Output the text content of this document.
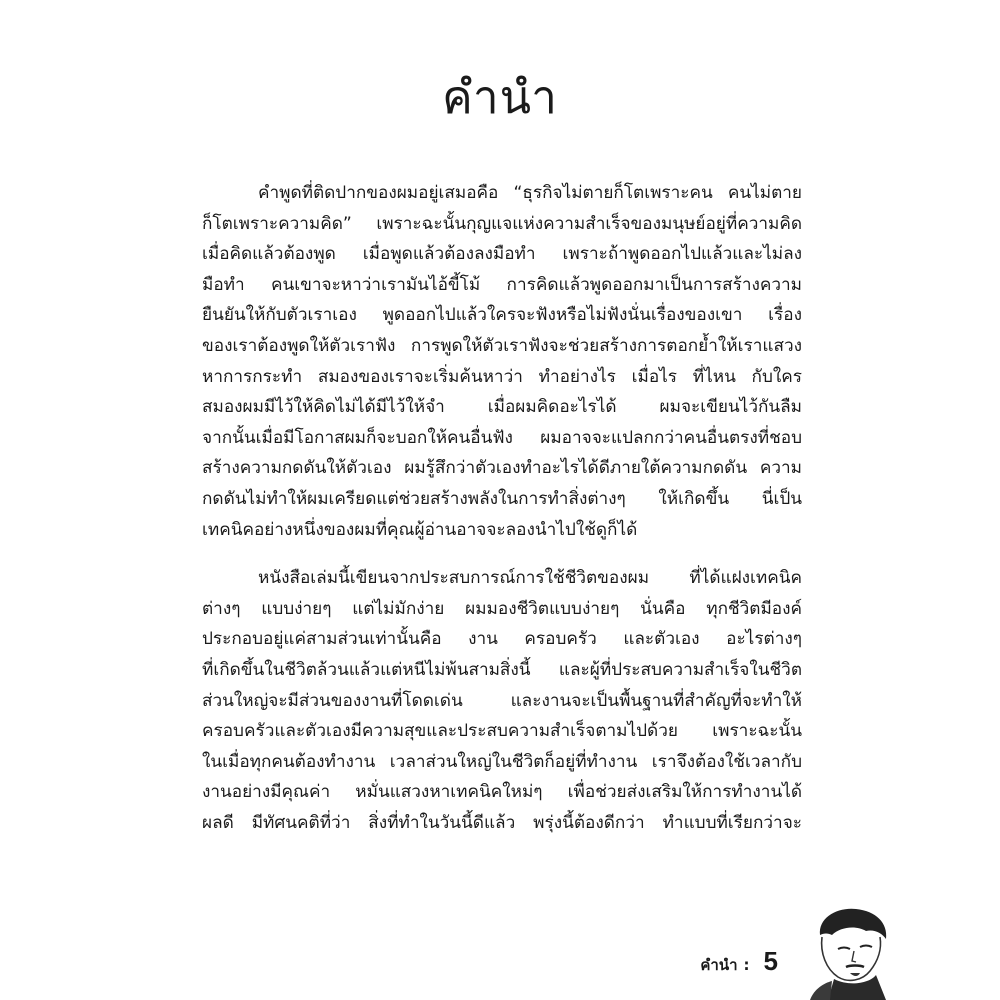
คำนำ
คำพูดที่ติดปากของผมอยู่เสมอคือ “ธุรกิจไม่ตายก็โตเพราะคน คนไม่ตาย
ก็โตเพราะความคิด” เพราะฉะนั้นกุญแจแห่งความสำเร็จของมนุษย์อยู่ที่ความคิด
เมื่อคิดแล้วต้องพูด เมื่อพูดแล้วต้องลงมือทำ เพราะถ้าพูดออกไปแล้วและไม่ลง
มือทำ คนเขาจะหาว่าเรามันไอ้ขี้โม้ การคิดแล้วพูดออกมาเป็นการสร้างความ
ยืนยันให้กับตัวเราเอง พูดออกไปแล้วใครจะฟังหรือไม่ฟังนั่นเรื่องของเขา เรื่อง
ของเราต้องพูดให้ตัวเราฟัง การพูดให้ตัวเราฟังจะช่วยสร้างการตอกย้ำให้เราแสวง
หาการกระทำ สมองของเราจะเริ่มค้นหาว่า ทำอย่างไร เมื่อไร ที่ไหน กับใคร
สมองผมมีไว้ให้คิดไม่ได้มีไว้ให้จำ เมื่อผมคิดอะไรได้ ผมจะเขียนไว้กันลืม
จากนั้นเมื่อมีโอกาสผมก็จะบอกให้คนอื่นฟัง ผมอาจจะแปลกกว่าคนอื่นตรงที่ชอบ
สร้างความกดดันให้ตัวเอง ผมรู้สึกว่าตัวเองทำอะไรได้ดีภายใต้ความกดดัน ความ
กดดันไม่ทำให้ผมเครียดแต่ช่วยสร้างพลังในการทำสิ่งต่างๆ ให้เกิดขึ้น นี่เป็น
เทคนิคอย่างหนึ่งของผมที่คุณผู้อ่านอาจจะลองนำไปใช้ดูก็ได้
หนังสือเล่มนี้เขียนจากประสบการณ์การใช้ชีวิตของผม ที่ได้แฝงเทคนิค
ต่างๆ แบบง่ายๆ แต่ไม่มักง่าย ผมมองชีวิตแบบง่ายๆ นั่นคือ ทุกชีวิตมีองค์
ประกอบอยู่แค่สามส่วนเท่านั้นคือ งาน ครอบครัว และตัวเอง อะไรต่างๆ
ที่เกิดขึ้นในชีวิตล้วนแล้วแต่หนีไม่พ้นสามสิ่งนี้ และผู้ที่ประสบความสำเร็จในชีวิต
ส่วนใหญ่จะมีส่วนของงานที่โดดเด่น และงานจะเป็นพื้นฐานที่สำคัญที่จะทำให้
ครอบครัวและตัวเองมีความสุขและประสบความสำเร็จตามไปด้วย เพราะฉะนั้น
ในเมื่อทุกคนต้องทำงาน เวลาส่วนใหญ่ในชีวิตก็อยู่ที่ทำงาน เราจึงต้องใช้เวลากับ
งานอย่างมีคุณค่า หมั่นแสวงหาเทคนิคใหม่ๆ เพื่อช่วยส่งเสริมให้การทำงานได้
ผลดี มีทัศนคติที่ว่า สิ่งที่ทำในวันนี้ดีแล้ว พรุ่งนี้ต้องดีกว่า ทำแบบที่เรียกว่าจะ
คำนำ : 5
